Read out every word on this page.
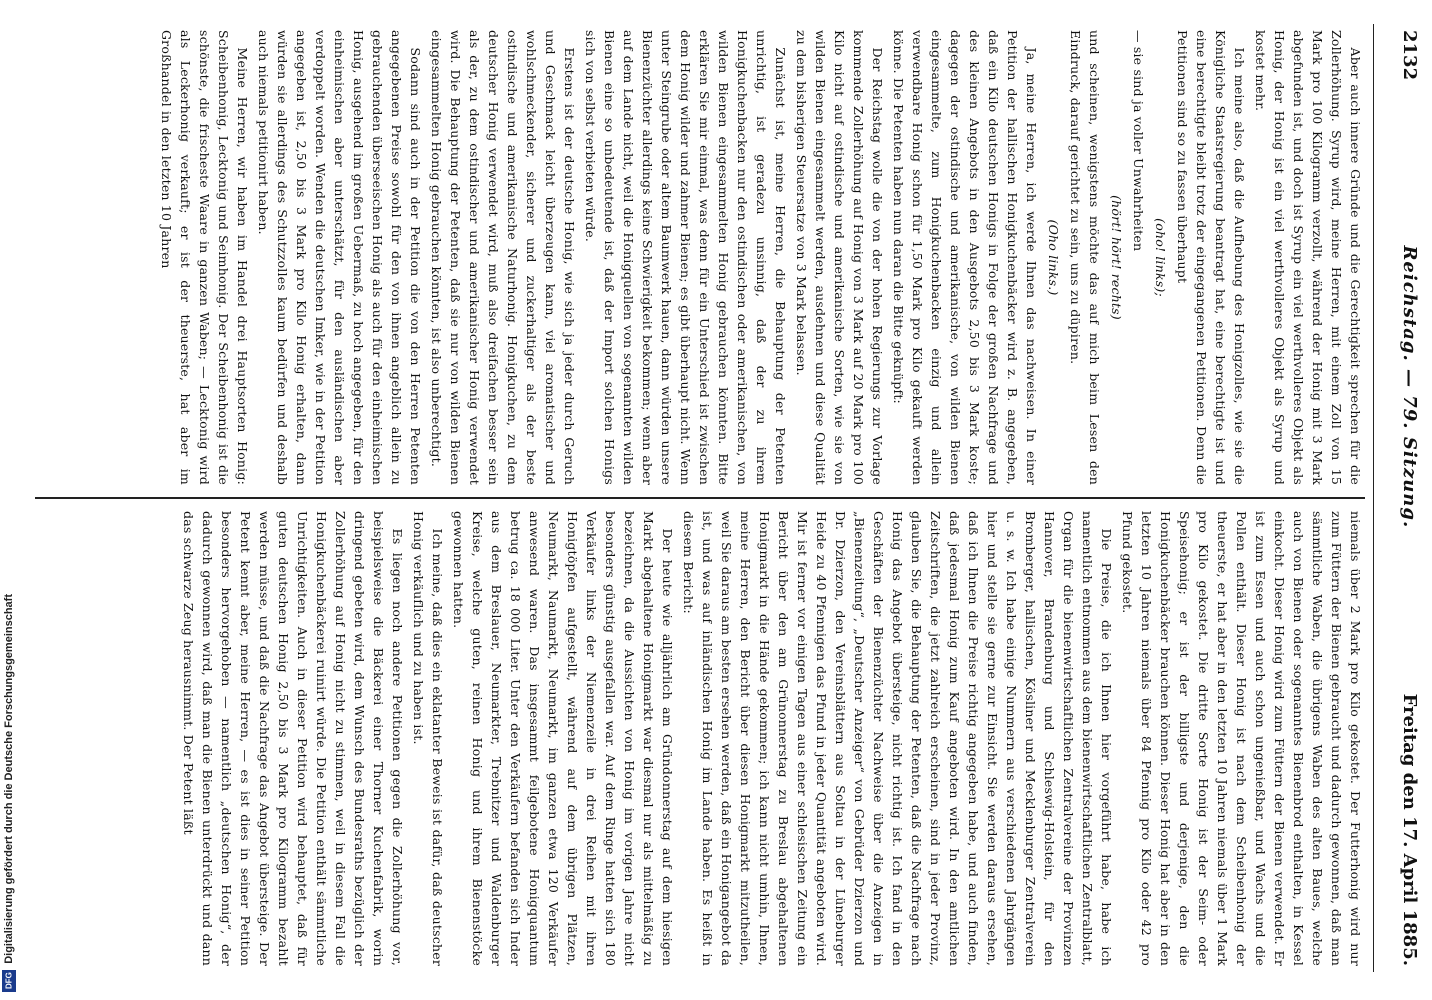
2132
Reichstag. — 79. Sitzung.
Freitag den 17. April 1885.

Aber auch innere Gründe und die Gerechtigkeit sprechen für die Zollerhöhung. Syrup wird, meine Herren, mit einem Zoll von 15 Mark pro 100 Kilogramm verzollt, während der Honig mit 3 Mark abgefunden ist, und doch ist Syrup ein viel werthvolleres Objekt als Honig, der Honig ist ein viel werthvolleres Objekt als Syrup und kostet mehr.

Ich meine also, daß die Aufhebung des Honigzolles, wie sie die Königliche Staatsregierung beantragt hat, eine berechtigte ist und eine berechtigte bleibt trotz der eingegangenen Petitionen. Denn die Petitionen sind so zu fassen überhaupt

(oho! links);

— sie sind ja voller Unwahrheiten

(hört! hört! rechts)

und scheinen, wenigstens möchte das auf mich beim Lesen den Eindruck, darauf gerichtet zu sein, uns zu düpiren.

(Oho links.)

Ja, meine Herren, ich werde Ihnen das nachweisen. In einer Petition der hallischen Honigkuchenbäcker wird z. B. angegeben, daß ein Kilo deutschen Honigs in Folge der großen Nachfrage und des kleinen Angebots in den Ausgebots 2,50 bis 3 Mark koste; dagegen der ostindische und amerikanische, von wilden Bienen eingesammelte, zum Honigkuchenbacken einzig und allein verwendbare Honig schon für 1,50 Mark pro Kilo gekauft werden könne. Die Petenten haben nun daran die Bitte geknüpft:

Der Reichstag wolle die von der hohen Regierungs zur Vorlage kommende Zollerhöhung auf Honig von 3 Mark auf 20 Mark pro 100 Kilo nicht auf ostindische und amerikanische Sorten, wie sie von wilden Bienen eingesammelt werden, ausdehnen und diese Qualität zu dem bisherigen Steuersatze von 3 Mark belassen.

Zunächst ist, meine Herren, die Behauptung der Petenten unrichtig, ist geradezu unsinnig, daß der zu ihrem Honigkuchenbacken nur den ostindischen oder amerikanischen, von wilden Bienen eingesammelten Honig gebrauchen könnten. Bitte erklären Sie mir einmal, was denn für ein Unterschied ist zwischen dem Honig wilder und zahmer Bienen; es gibt überhaupt nicht. Wenn unter Steingrube oder altem Baumwerk hauen, dann würden unsere Bienenzüchter allerdings keine Schwierigkeit bekommen; wenn aber auf dem Lande nicht, weil die Honigquellen von sogenannten wilden Bienen eine so unbedeutende ist, daß der Import solchen Honigs sich von selbst verbieten würde.

Erstens ist der deutsche Honig, wie sich ja jeder durch Geruch und Geschmack leicht überzeugen kann, viel aromatischer und wohlschmeckender, sicherer und zuckerhaltiger als der beste ostindische und amerikanische Naturhonig. Honigkuchen, zu dem deutscher Honig verwendet wird, muß also dreifachen besser sein als der, zu dem ostindischer und amerikanischer Honig verwendet wird. Die Behauptung der Petenten, daß sie nur von wilden Bienen eingesammelten Honig gebrauchen könnten, ist also unberechtigt.

Sodann sind auch in der Petition die von den Herren Petenten angegebenen Preise sowohl für den von ihnen angeblich allein zu gebrauchenden überseeischen Honig als auch für den einheimischen Honig, ausgehend im großen Uebermaß, zu hoch angegeben, für den einheimischen aber unterschätzt, für den ausländischen aber verdoppelt worden. Wenden die deutschen Imker, wie in der Petition angegeben ist, 2,50 bis 3 Mark pro Kilo Honig erhalten, dann würden sie allerdings des Schutzzolles kaum bedürfen und deshalb auch niemals petitionirt haben.

Meine Herren, wir haben im Handel drei Hauptsorten Honig: Scheibenhonig, Lecktonig und Seimhonig. Der Scheibenhonig ist die schönste, die frischeste Waare in ganzen Waben; — Lecktonig wird als Leckerhonig verkauft; er ist der theuerste, hat aber im Großhandel in den letzten 10 Jahren

niemals über 2 Mark pro Kilo gekostet. Der Futterhonig wird nur zum Füttern der Bienen gebraucht und dadurch gewonnen, daß man sämmtliche Waben, die übrigens Waben des alten Baues, welche auch von Bienen oder sogenanntes Bienenbrod enthalten, in Kessel einkocht. Dieser Honig wird zum Füttern der Bienen verwendet. Er ist zum Essen und auch schon ungenießbar, und Wachs und die Pollen enthält. Dieser Honig ist nach dem Scheibenhonig der theuerste, er hat aber in den letzten 10 Jahren niemals über 1 Mark pro Kilo gekostet. Die dritte Sorte Honig ist der Seim- oder Speisehonig; er ist der billigste und derjenige, den die Honigkuchenbäcker brauchen können. Dieser Honig hat aber in den letzten 10 Jahren niemals über 84 Pfennig pro Kilo oder 42 pro Pfund gekostet.

Die Preise, die ich Ihnen hier vorgeführt habe, habe ich namentlich entnommen aus dem bienenwirtschaftlichen Zentralblatt, Organ für die bienenwirtschaftlichen Zentralvereine der Provinzen Hannover, Brandenburg und Schleswig-Holstein, für den Bromberger, hallischen, Kösliner und Mecklenburger Zentralverein u. s. w. Ich habe einige Nummern aus verschiedenen Jahrgängen hier und stelle sie gerne zur Einsicht. Sie werden daraus ersehen, daß ich Ihnen die Preise richtig angegeben habe, und auch finden, daß jedesmal Honig zum Kauf angeboten wird. In den amtlichen Zeitschriften, die jetzt zahlreich erscheinen, sind in jeder Provinz, glauben Sie, die Behauptung der Petenten, daß die Nachfrage nach Honig das Angebot übersteige, nicht richtig ist. Ich fand in den Geschäften der Bienenzüchter Nachweise über die Anzeigen in „Bienenzeitung“, „Deutscher Anzeiger“ von Gebrüder Dzierzon und Dr. Dzierzon, den Vereinsblättern aus Soltau in der Lüneburger Heide zu 40 Pfennigen das Pfund in jeder Quantität angeboten wird. Mir ist ferner vor einigen Tagen aus einer schlesischen Zeitung ein Bericht über den am Grünonnerstag zu Breslau abgehaltenen Honigmarkt in die Hände gekommen; ich kann nicht umhin, Ihnen, meine Herren, den Bericht über diesen Honigmarkt mitzutheilen, weil Sie daraus am besten ersehen werden, daß ein Honigangebot da ist, und was auf inländischen Honig im Lande haben. Es heißt in diesem Bericht:

Der heute wie alljährlich am Gründonnerstag auf dem hiesigen Markt abgehaltene Honigmarkt war diesmal nur als mittelmäßig zu bezeichnen, da die Aussichten von Honig im vorigen Jahre nicht besonders günstig ausgefallen war. Auf dem Ringe hatten sich 180 Verkäufer links der Niemenzeile in drei Reihen mit ihren Honigtöpfen aufgestellt, während auf dem übrigen Plätzen, Neumarkt, Naumarkt, Neumarkt, im ganzen etwa 120 Verkäufer anwesend waren. Das insgesammt feilgebotene Honigquantum betrug ca. 18 000 Liter. Unter den Verkäufern befanden sich Inder aus dem Breslauer, Neumarkter, Trebnitzer und Waldenburger Kreise, welche guten, reinen Honig und ihrem Bienenstöcke gewonnen hatten.

Ich meine, daß dies ein eklatanter Beweis ist dafür, daß deutscher Honig verkäuflich und zu haben ist.

Es liegen noch andere Petitionen gegen die Zollerhöhung vor, beispielsweise die Bäckerei einer Thorner Kuchenfabrik, worin dringend gebeten wird, dem Wunsch des Bundesraths bezüglich der Zollerhöhung auf Honig nicht zu stimmen, weil in diesem Fall die Honigkuchenbäckerei ruinirt würde. Die Petition enthält sämmtliche Unrichtigkeiten. Auch in dieser Petition wird behauptet, daß für guten deutschen Honig 2,50 bis 3 Mark pro Kilogramm bezahlt werden müsse, und daß die Nachfrage das Angebot übersteige. Der Petent kennt aber, meine Herren, — es ist dies in seiner Petition besonders hervorgehoben — namentlich „deutschen Honig“, der dadurch gewonnen wird, daß man die Bienen unterdrückt und dann das schwarze Zeug herausnimmt. Der Petent läßt

Digitalisierung gefördert durch die Deutsche Forschungsgemeinschaft
DFG
